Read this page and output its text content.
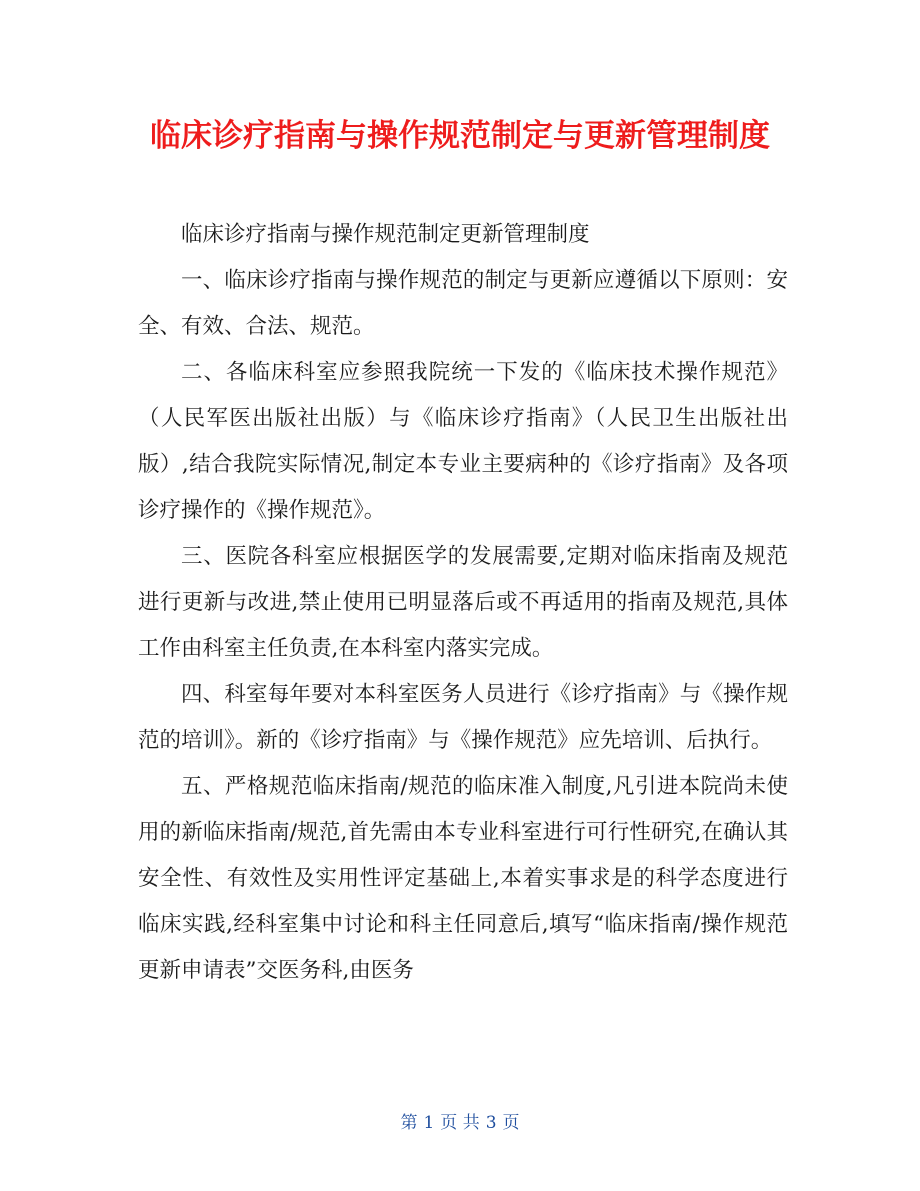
临床诊疗指南与操作规范制定与更新管理制度

临床诊疗指南与操作规范制定更新管理制度

一、临床诊疗指南与操作规范的制定与更新应遵循以下原则：安全、有效、合法、规范。

二、各临床科室应参照我院统一下发的《临床技术操作规范》（人民军医出版社出版）与《临床诊疗指南》（人民卫生出版社出版）,结合我院实际情况,制定本专业主要病种的《诊疗指南》及各项诊疗操作的《操作规范》。

三、医院各科室应根据医学的发展需要,定期对临床指南及规范进行更新与改进,禁止使用已明显落后或不再适用的指南及规范,具体工作由科室主任负责,在本科室内落实完成。

四、科室每年要对本科室医务人员进行《诊疗指南》与《操作规范的培训》。新的《诊疗指南》与《操作规范》应先培训、后执行。

五、严格规范临床指南/规范的临床准入制度,凡引进本院尚未使用的新临床指南/规范,首先需由本专业科室进行可行性研究,在确认其安全性、有效性及实用性评定基础上,本着实事求是的科学态度进行临床实践,经科室集中讨论和科主任同意后,填写“临床指南/操作规范更新申请表”交医务科,由医务

第 1 页 共 3 页
